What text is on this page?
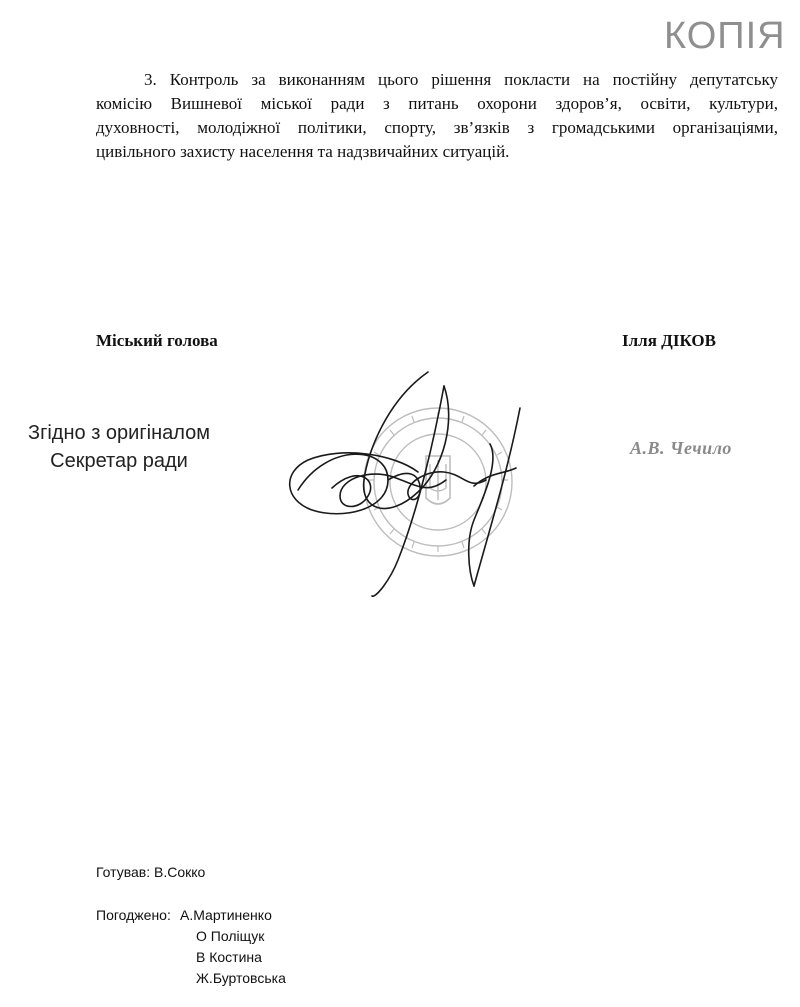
КОПІЯ
3. Контроль за виконанням цього рішення покласти на постійну депутатську
комісію Вишневої міської ради з питань охорони здоров’я, освіти, культури,
духовності, молодіжної політики, спорту, зв’язків з громадськими організаціями,
цивільного захисту населення та надзвичайних ситуацій.
Міський голова	Ілля ДІКОВ
Згідно з оригіналом
Секретар ради
А.В. Чечило
Готував: В.Сокко
Погоджено: А.Мартиненко
О Поліщук
В Костина
Ж.Буртовська
